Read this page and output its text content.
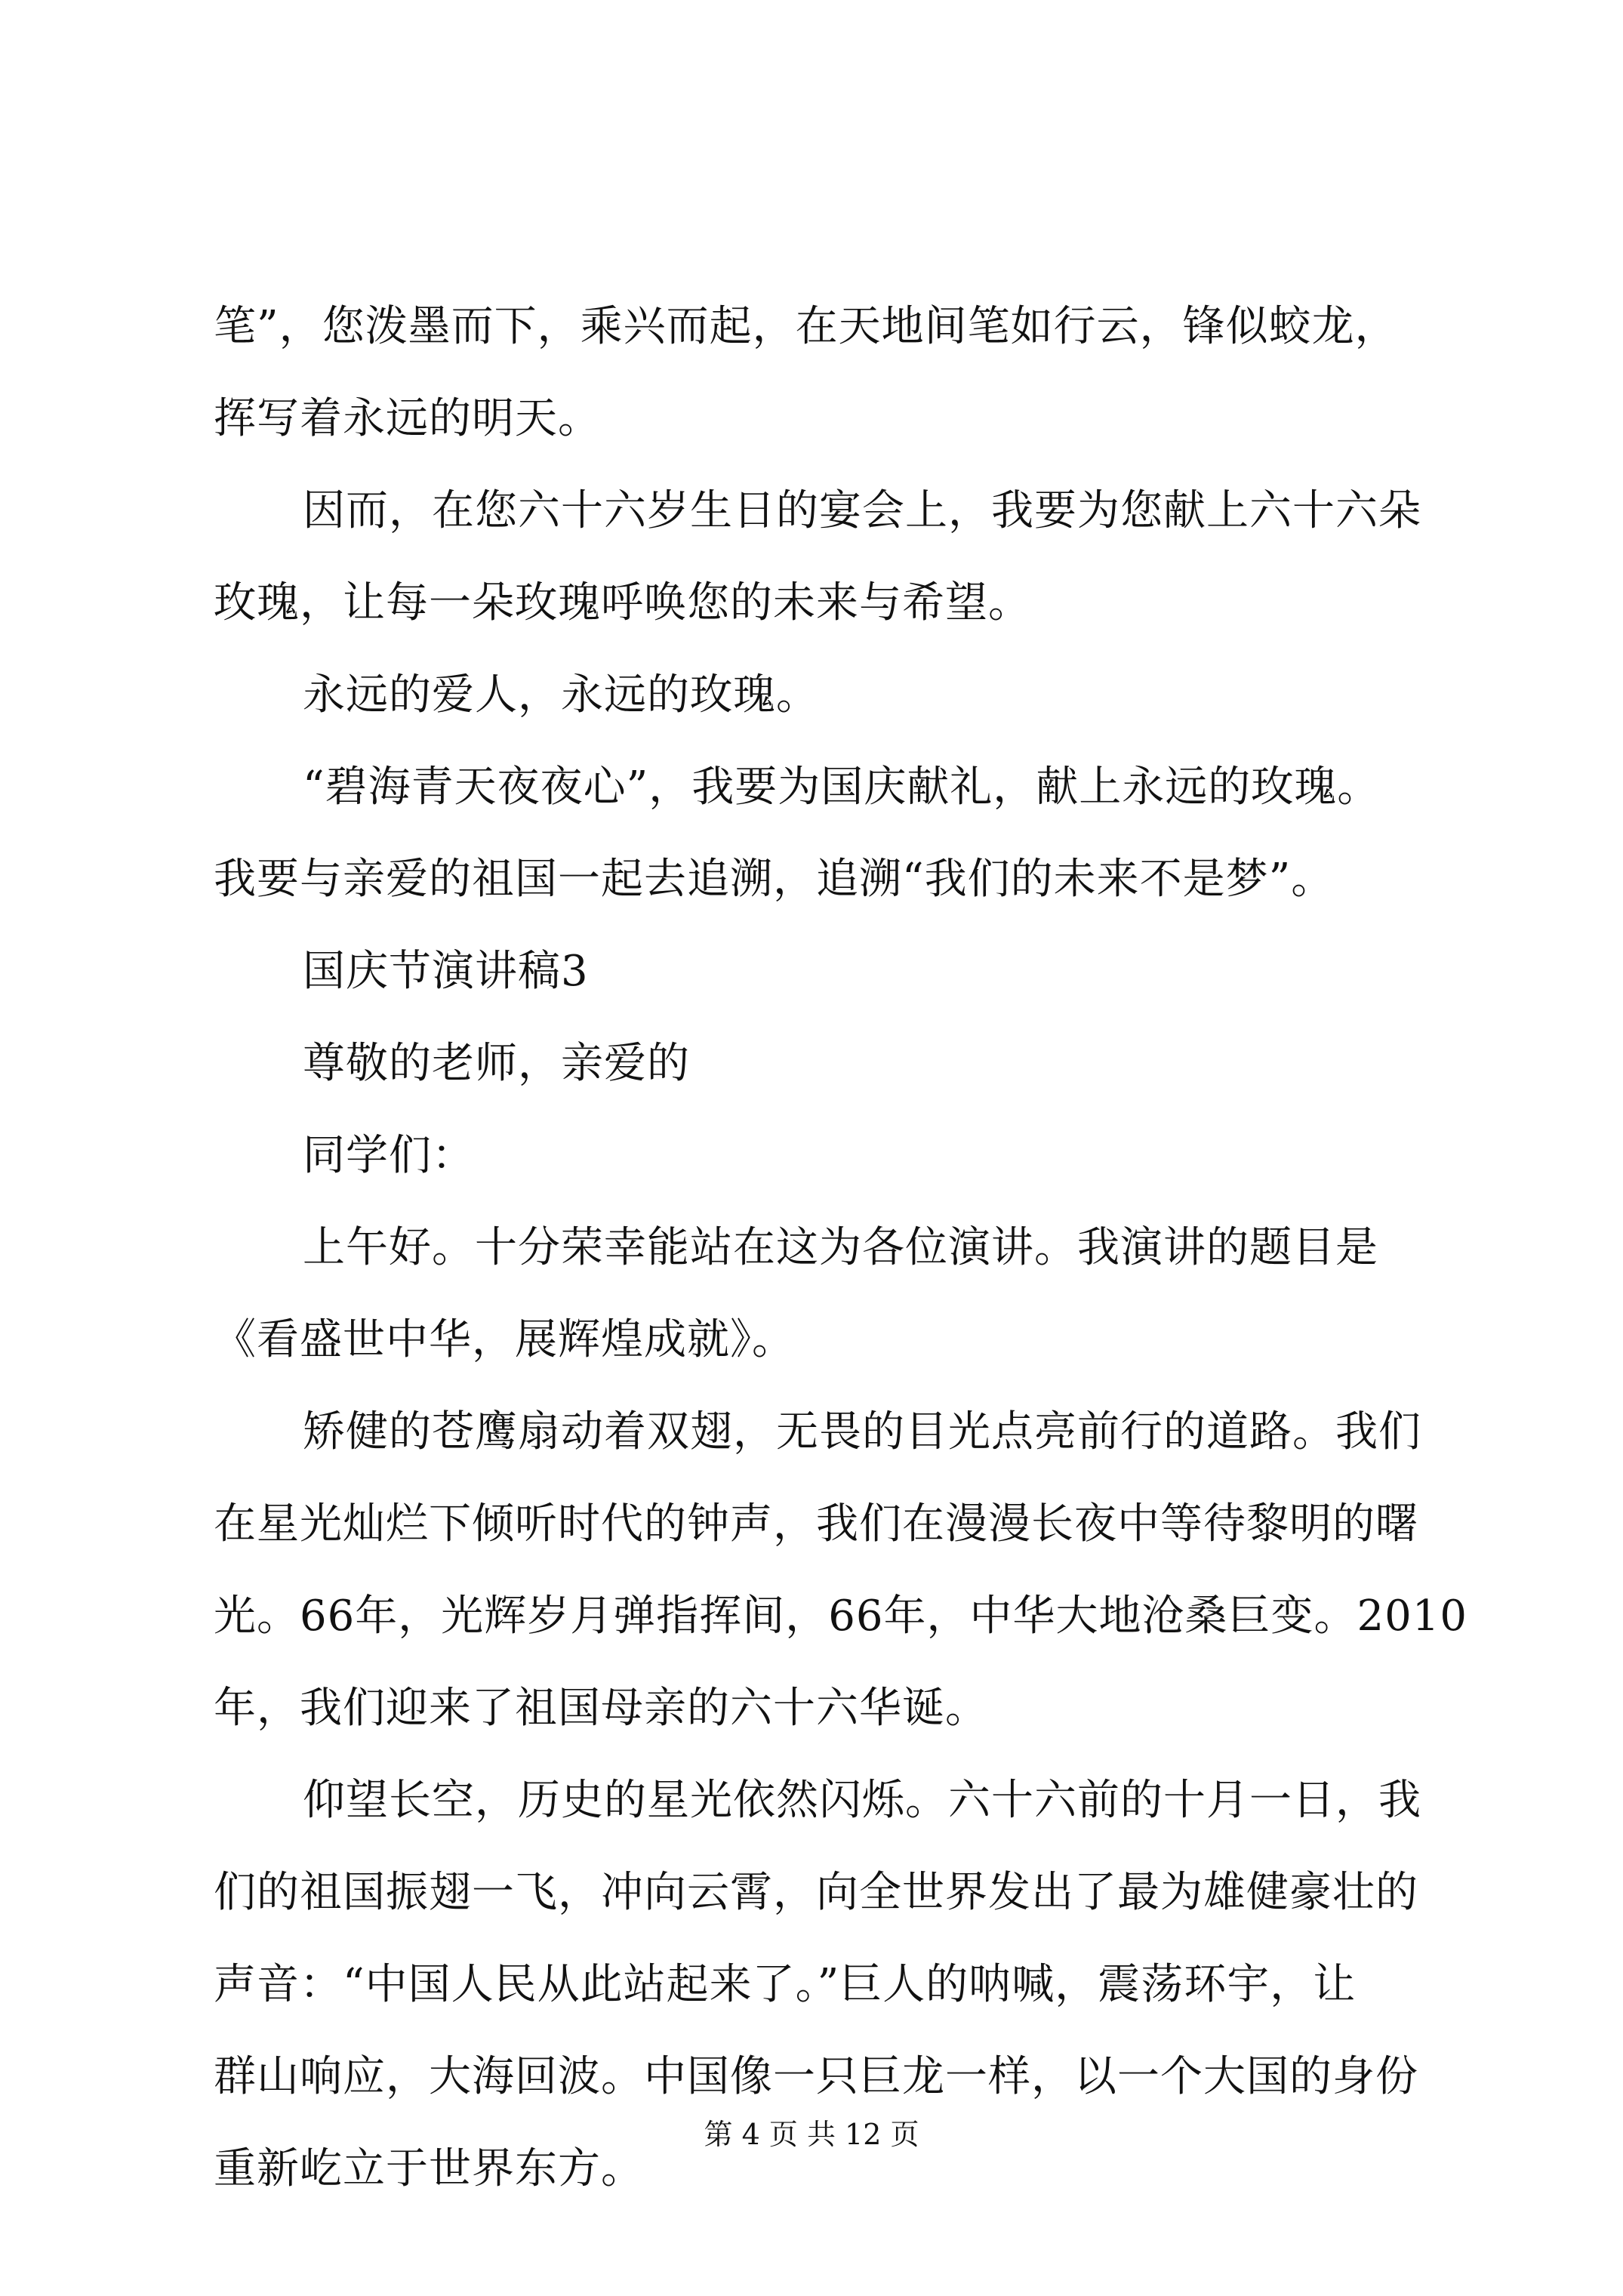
笔”，您泼墨而下，乘兴而起，在天地间笔如行云，锋似蛟龙，
挥写着永远的明天。
因而，在您六十六岁生日的宴会上，我要为您献上六十六朵
玫瑰，让每一朵玫瑰呼唤您的未来与希望。
永远的爱人，永远的玫瑰。
“碧海青天夜夜心”，我要为国庆献礼，献上永远的玫瑰。
我要与亲爱的祖国一起去追溯，追溯“我们的未来不是梦”。
国庆节演讲稿3
尊敬的老师，亲爱的
同学们：
上午好。十分荣幸能站在这为各位演讲。我演讲的题目是
《看盛世中华，展辉煌成就》。
矫健的苍鹰扇动着双翅，无畏的目光点亮前行的道路。我们
在星光灿烂下倾听时代的钟声，我们在漫漫长夜中等待黎明的曙
光。66年，光辉岁月弹指挥间，66年，中华大地沧桑巨变。2010
年，我们迎来了祖国母亲的六十六华诞。
仰望长空，历史的星光依然闪烁。六十六前的十月一日，我
们的祖国振翅一飞，冲向云霄，向全世界发出了最为雄健豪壮的
声音：“中国人民从此站起来了。”巨人的呐喊，震荡环宇，让
群山响应，大海回波。中国像一只巨龙一样，以一个大国的身份
重新屹立于世界东方。
第 4 页 共 12 页
